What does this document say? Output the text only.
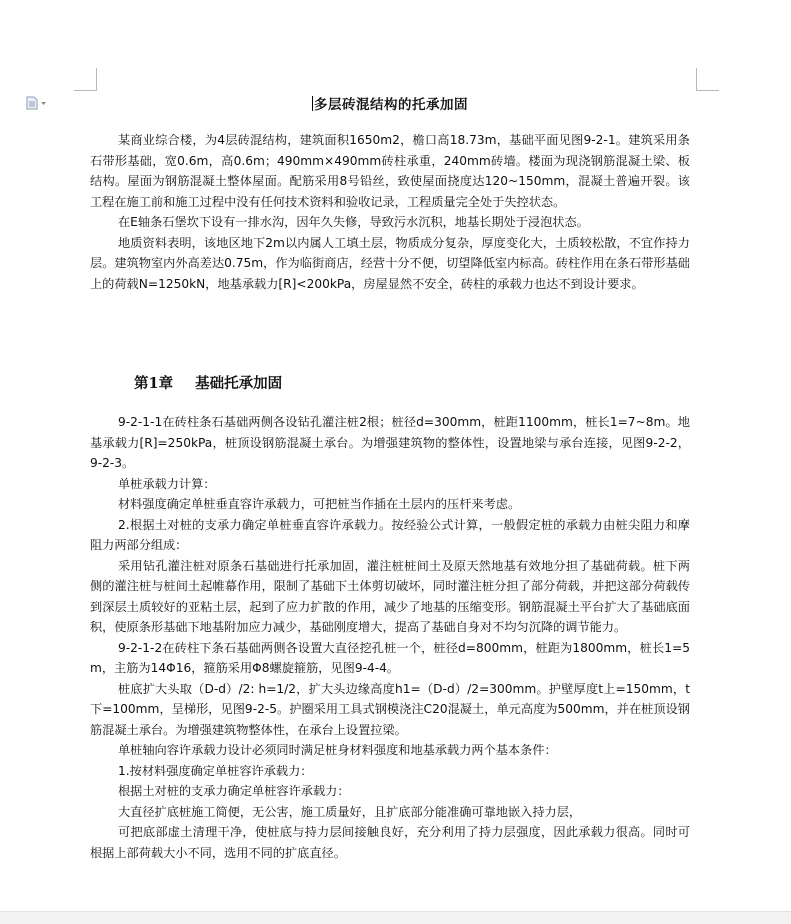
多层砖混结构的托承加固

某商业综合楼，为4层砖混结构，建筑面积1650m2，檐口高18.73m，基础平面见图9-2-1。建筑采用条石带形基础，宽0.6m，高0.6m；490mm×490mm砖柱承重，240mm砖墙。楼面为现浇钢筋混凝土梁、板结构。屋面为钢筋混凝土整体屋面。配筋采用8号铅丝，致使屋面挠度达120~150mm，混凝土普遍开裂。该工程在施工前和施工过程中没有任何技术资料和验收记录，工程质量完全处于失控状态。

在E轴条石堡坎下设有一排水沟，因年久失修，导致污水沉积，地基长期处于浸泡状态。

地质资料表明，该地区地下2m以内属人工填土层，物质成分复杂，厚度变化大，土质较松散，不宜作持力层。建筑物室内外高差达0.75m，作为临街商店，经营十分不便，切望降低室内标高。砖柱作用在条石带形基础上的荷载N=1250kN，地基承载力[R]<200kPa，房屋显然不安全，砖柱的承载力也达不到设计要求。

第1章 基础托承加固

9-2-1-1在砖柱条石基础两侧各设钻孔灌注桩2根；桩径d=300mm，桩距1100mm，桩长1=7~8m。地基承载力[R]=250kPa，桩顶设钢筋混凝土承台。为增强建筑物的整体性，设置地梁与承台连接，见图9-2-2，9-2-3。

单桩承载力计算：

材料强度确定单桩垂直容许承载力，可把桩当作插在土层内的压杆来考虑。

2.根据土对桩的支承力确定单桩垂直容许承载力。按经验公式计算，一般假定桩的承载力由桩尖阻力和摩阻力两部分组成：

采用钻孔灌注桩对原条石基础进行托承加固，灌注桩桩间土及原天然地基有效地分担了基础荷载。桩下两侧的灌注桩与桩间土起帷幕作用，限制了基础下土体剪切破坏，同时灌注桩分担了部分荷载，并把这部分荷载传到深层土质较好的亚粘土层，起到了应力扩散的作用，减少了地基的压缩变形。钢筋混凝土平台扩大了基础底面积，使原条形基础下地基附加应力减少，基础刚度增大，提高了基础自身对不均匀沉降的调节能力。

9-2-1-2在砖柱下条石基础两侧各设置大直径挖孔桩一个，桩径d=800mm，桩距为1800mm，桩长1=5m，主筋为14Φ16，箍筋采用Φ8螺旋箍筋，见图9-4-4。

桩底扩大头取（D-d）/2: h=1/2，扩大头边缘高度h1=（D-d）/2=300mm。护壁厚度t上=150mm，t下=100mm，呈梯形，见图9-2-5。护圈采用工具式钢模浇注C20混凝土，单元高度为500mm，并在桩顶设钢筋混凝土承台。为增强建筑物整体性，在承台上设置拉梁。

单桩轴向容许承载力设计必须同时满足桩身材料强度和地基承载力两个基本条件：

1.按材料强度确定单桩容许承载力：

根据土对桩的支承力确定单桩容许承载力：

大直径扩底桩施工简便，无公害，施工质量好，且扩底部分能准确可靠地嵌入持力层，

可把底部虚土清理干净，使桩底与持力层间接触良好，充分利用了持力层强度，因此承载力很高。同时可根据上部荷载大小不同，选用不同的扩底直径。
